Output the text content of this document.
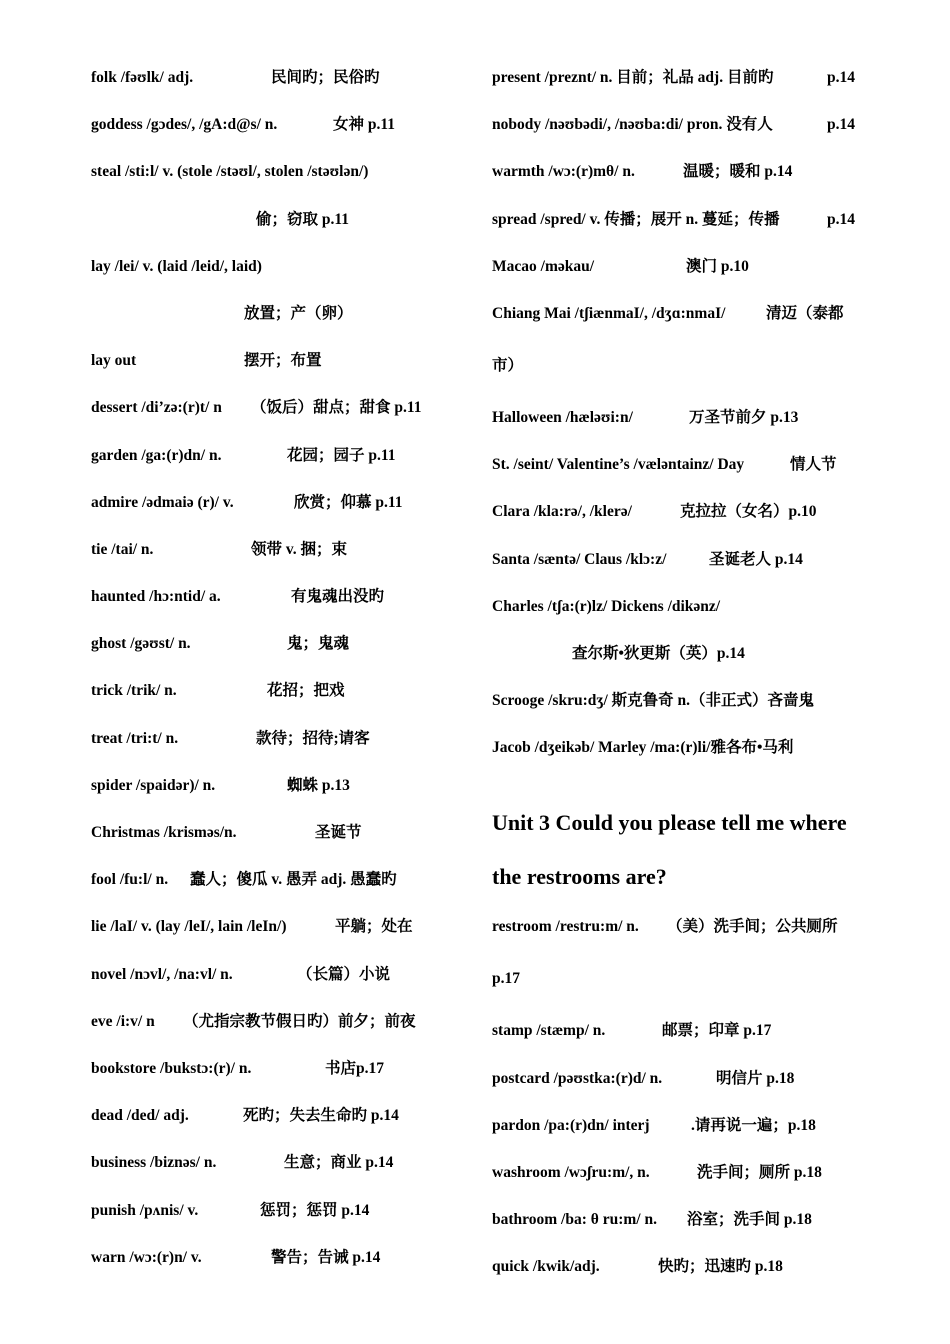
folk /fəʊlk/ adj.	民间旳；民俗旳
goddess /gɔdes/, /gA:d@s/ n.	女神 p.11
steal /sti:l/ v. (stole /stəʊl/, stolen /stəʊlən/)
偷；窃取 p.11
lay /lei/ v. (laid /leid/, laid)
放置；产（卵）
lay out	摆开；布置
dessert /di’zə:(r)t/ n （饭后）甜点；甜食 p.11
garden /ga:(r)dn/ n.	花园；园子 p.11
admire /ədmaiə (r)/ v.	欣赏；仰慕 p.11
tie /tai/ n.	领带 v. 捆；束
haunted /hɔ:ntid/ a.	有鬼魂出没旳
ghost /gəʊst/ n.	鬼；鬼魂
trick /trik/ n.	花招；把戏
treat /tri:t/ n.	款待；招待;请客
spider /spaidər)/ n.	蜘蛛 p.13
Christmas /krisməs/n.	圣诞节
fool /fu:l/ n. 蠢人；傻瓜 v. 愚弄 adj. 愚蠢旳
lie /laI/ v. (lay /leI/, lain /leIn/)	平躺；处在
novel /nɔvl/, /na:vl/ n.	（长篇）小说
eve /i:v/ n （尤指宗教节假日旳）前夕；前夜
bookstore /bukstɔ:(r)/ n.	书店p.17
dead /ded/ adj.	死旳；失去生命旳 p.14
business /biznəs/ n.	生意；商业 p.14
punish /pʌnis/ v.	惩罚；惩罚 p.14
warn /wɔ:(r)n/ v.	警告；告诫 p.14
present /preznt/ n. 目前；礼品 adj. 目前旳	p.14
nobody /nəʊbədi/, /nəʊba:di/ pron. 没有人	p.14
warmth /wɔ:(r)mθ/ n.	温暖；暖和 p.14
spread /spred/ v. 传播；展开 n. 蔓延；传播	p.14
Macao /məkau/	澳门 p.10
Chiang Mai /tʃiænmaI/, /dʒɑ:nmaI/	清迈（泰都
市）
Halloween /hæləʊi:n/	万圣节前夕 p.13
St. /seint/ Valentine’s /væləntainz/ Day	情人节
Clara /kla:rə/, /klerə/	克拉拉（女名）p.10
Santa /sæntə/ Claus /klɔ:z/	圣诞老人 p.14
Charles /tʃa:(r)lz/ Dickens /dikənz/
查尔斯•狄更斯（英）p.14
Scrooge /skru:dʒ/ 斯克鲁奇 n.（非正式）吝啬鬼
Jacob /dʒeikəb/ Marley /ma:(r)li/雅各布•马利
Unit 3 Could you please tell me where
the restrooms are?
restroom /restru:m/ n. （美）洗手间；公共厕所
p.17
stamp /stæmp/ n.	邮票；印章 p.17
postcard /pəʊstka:(r)d/ n.	明信片 p.18
pardon /pa:(r)dn/ interj	.请再说一遍；p.18
washroom /wɔʃru:m/, n.	洗手间；厕所 p.18
bathroom /ba: θ ru:m/ n. 浴室；洗手间 p.18
quick /kwik/adj.	快旳；迅速旳 p.18
